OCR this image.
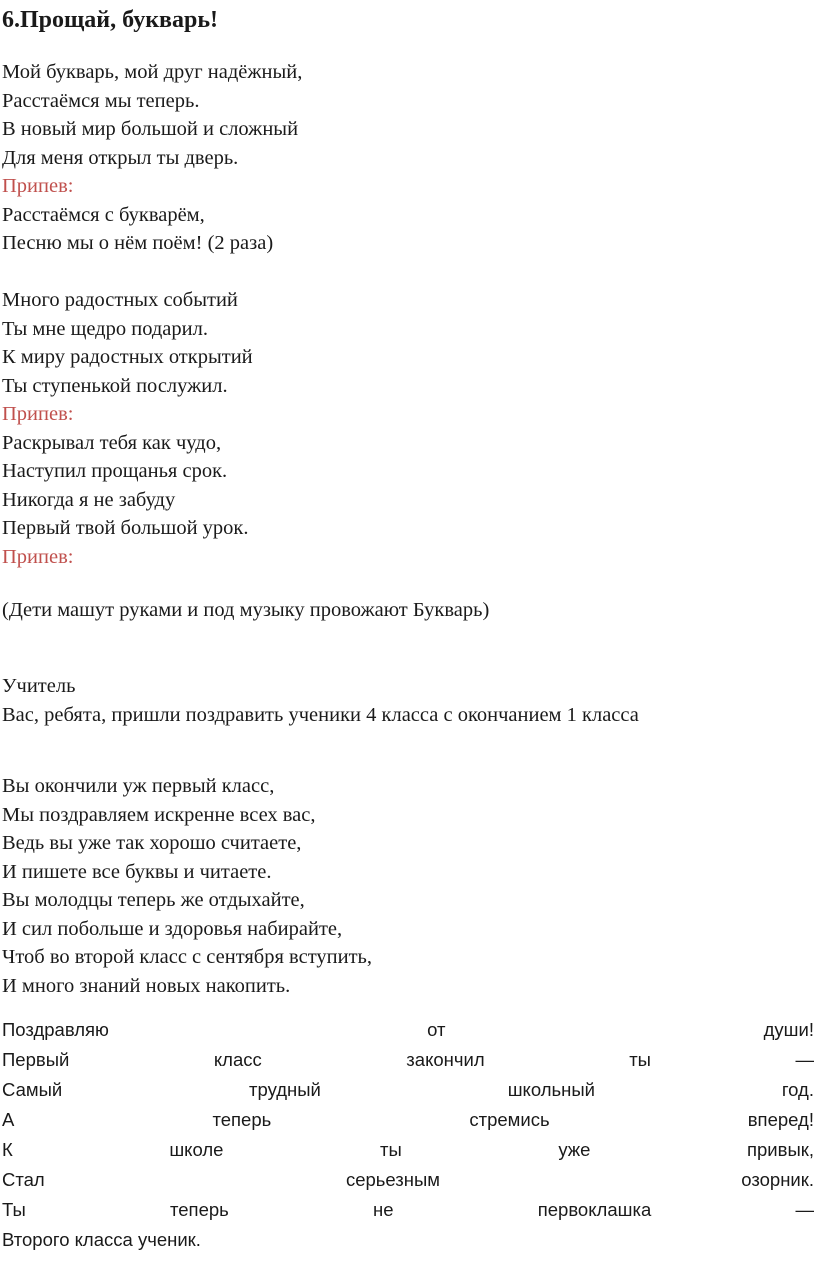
6.Прощай, букварь!
Мой букварь, мой друг надёжный,
Расстаёмся мы теперь.
В новый мир большой и сложный
Для меня открыл ты дверь.
Припев:
Расстаёмся с букварём,
Песню мы о нём поём! (2 раза)
Много радостных событий
Ты мне щедро подарил.
К миру радостных открытий
Ты ступенькой послужил.
Припев:
Раскрывал тебя как чудо,
Наступил прощанья срок.
Никогда я не забуду
Первый твой большой урок.
Припев:
(Дети машут руками и под музыку провожают Букварь)
Учитель
Вас, ребята, пришли поздравить ученики 4 класса с окончанием 1 класса
Вы окончили уж первый класс,
Мы поздравляем искренне всех вас,
Ведь вы уже так хорошо считаете,
И пишете все буквы и читаете.
Вы молодцы теперь же отдыхайте,
И сил побольше и здоровья набирайте,
Чтоб во второй класс с сентября вступить,
И много знаний новых накопить.
Поздравляю	от	души!
Первый	класс	закончил	ты	—
Самый	трудный	школьный	год.
А	теперь	стремись	вперед!
К	школе	ты	уже	привык,
Стал	серьезным	озорник.
Ты	теперь	не	первоклашка	—
Второго класса ученик.
